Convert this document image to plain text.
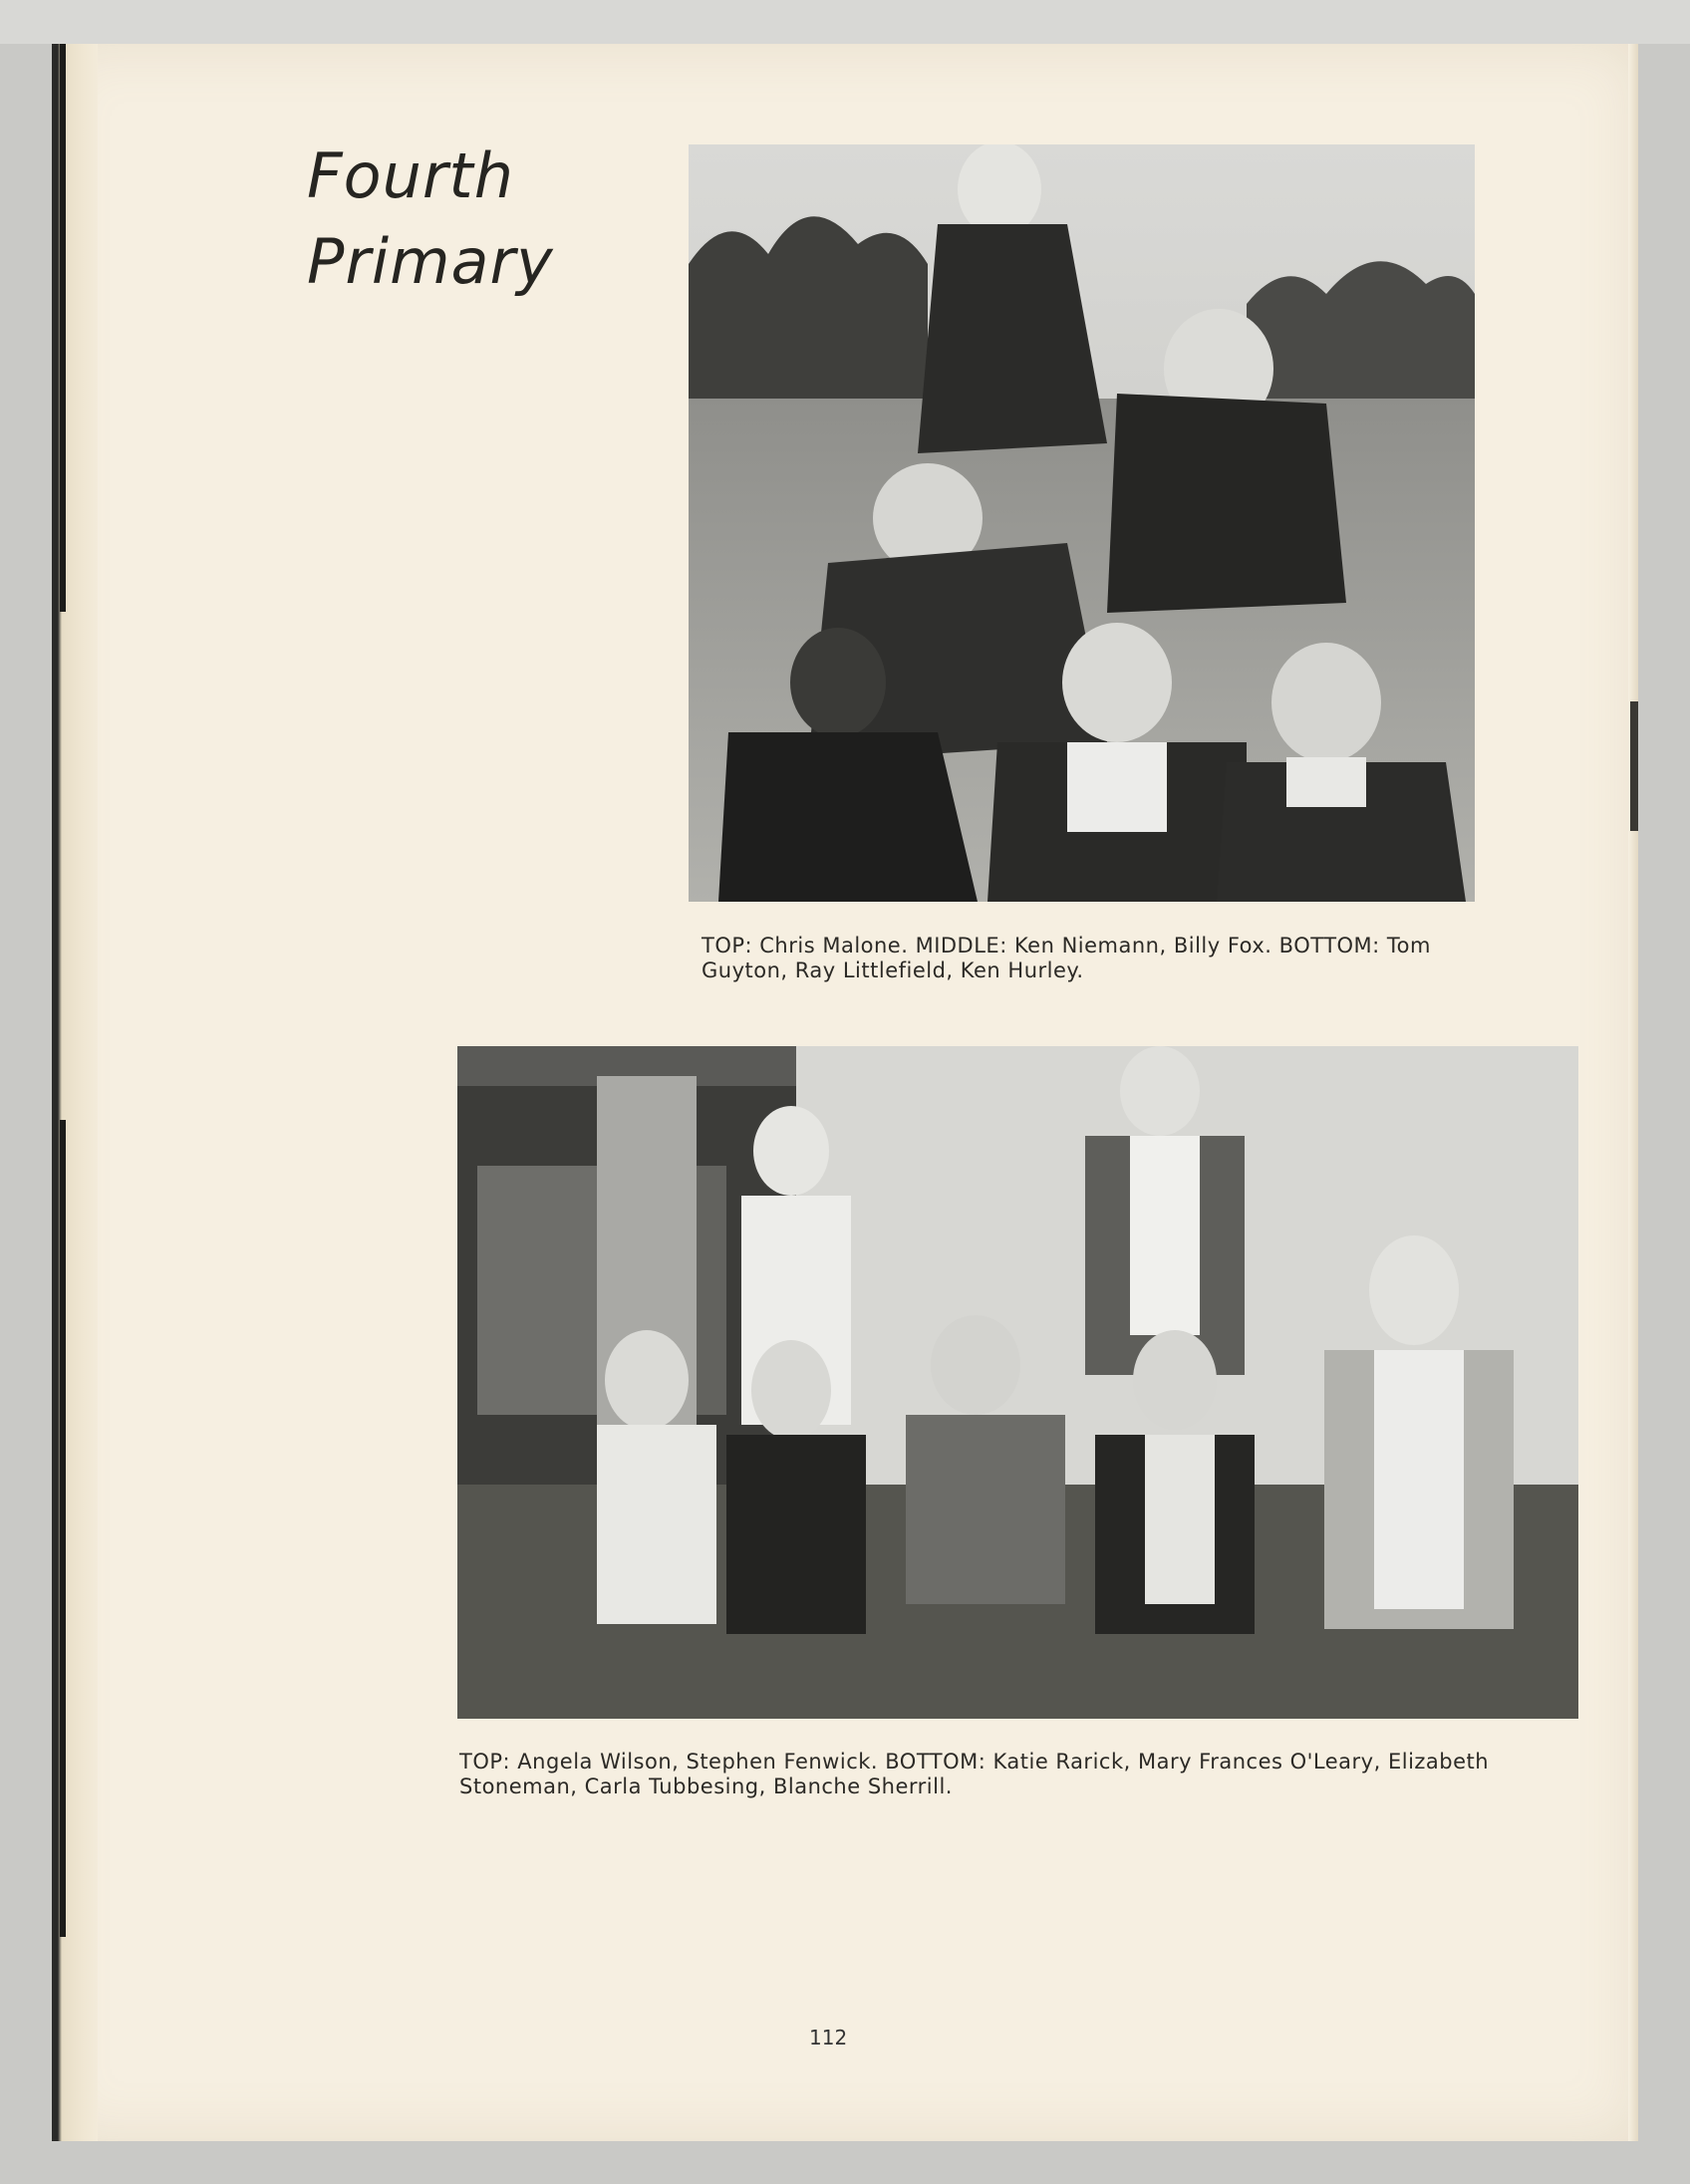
Fourth
Primary

TOP: Chris Malone. MIDDLE: Ken Niemann, Billy Fox. BOTTOM: Tom Guyton, Ray Littlefield, Ken Hurley.

TOP: Angela Wilson, Stephen Fenwick. BOTTOM: Katie Rarick, Mary Frances O'Leary, Elizabeth Stoneman, Carla Tubbesing, Blanche Sherrill.

112
